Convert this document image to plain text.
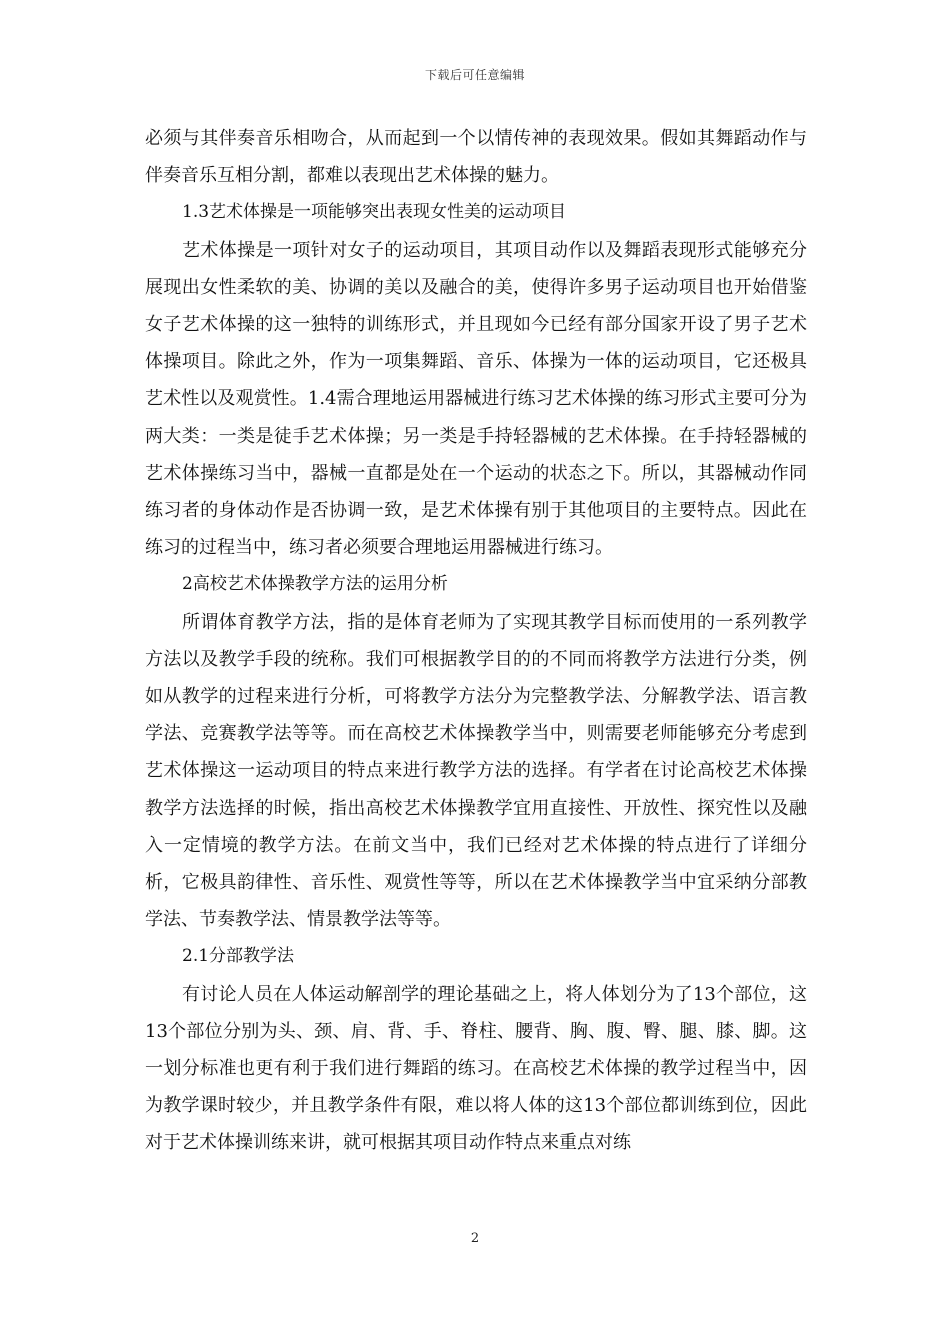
下载后可任意编辑

必须与其伴奏音乐相吻合，从而起到一个以情传神的表现效果。假如其舞蹈动作与伴奏音乐互相分割，都难以表现出艺术体操的魅力。

1.3艺术体操是一项能够突出表现女性美的运动项目

艺术体操是一项针对女子的运动项目，其项目动作以及舞蹈表现形式能够充分展现出女性柔软的美、协调的美以及融合的美，使得许多男子运动项目也开始借鉴女子艺术体操的这一独特的训练形式，并且现如今已经有部分国家开设了男子艺术体操项目。除此之外，作为一项集舞蹈、音乐、体操为一体的运动项目，它还极具艺术性以及观赏性。1.4需合理地运用器械进行练习艺术体操的练习形式主要可分为两大类：一类是徒手艺术体操；另一类是手持轻器械的艺术体操。在手持轻器械的艺术体操练习当中，器械一直都是处在一个运动的状态之下。所以，其器械动作同练习者的身体动作是否协调一致，是艺术体操有别于其他项目的主要特点。因此在练习的过程当中，练习者必须要合理地运用器械进行练习。

2高校艺术体操教学方法的运用分析

所谓体育教学方法，指的是体育老师为了实现其教学目标而使用的一系列教学方法以及教学手段的统称。我们可根据教学目的的不同而将教学方法进行分类，例如从教学的过程来进行分析，可将教学方法分为完整教学法、分解教学法、语言教学法、竞赛教学法等等。而在高校艺术体操教学当中，则需要老师能够充分考虑到艺术体操这一运动项目的特点来进行教学方法的选择。有学者在讨论高校艺术体操教学方法选择的时候，指出高校艺术体操教学宜用直接性、开放性、探究性以及融入一定情境的教学方法。在前文当中，我们已经对艺术体操的特点进行了详细分析，它极具韵律性、音乐性、观赏性等等，所以在艺术体操教学当中宜采纳分部教学法、节奏教学法、情景教学法等等。

2.1分部教学法

有讨论人员在人体运动解剖学的理论基础之上，将人体划分为了13个部位，这13个部位分别为头、颈、肩、背、手、脊柱、腰背、胸、腹、臀、腿、膝、脚。这一划分标准也更有利于我们进行舞蹈的练习。在高校艺术体操的教学过程当中，因为教学课时较少，并且教学条件有限，难以将人体的这13个部位都训练到位，因此对于艺术体操训练来讲，就可根据其项目动作特点来重点对练

2
